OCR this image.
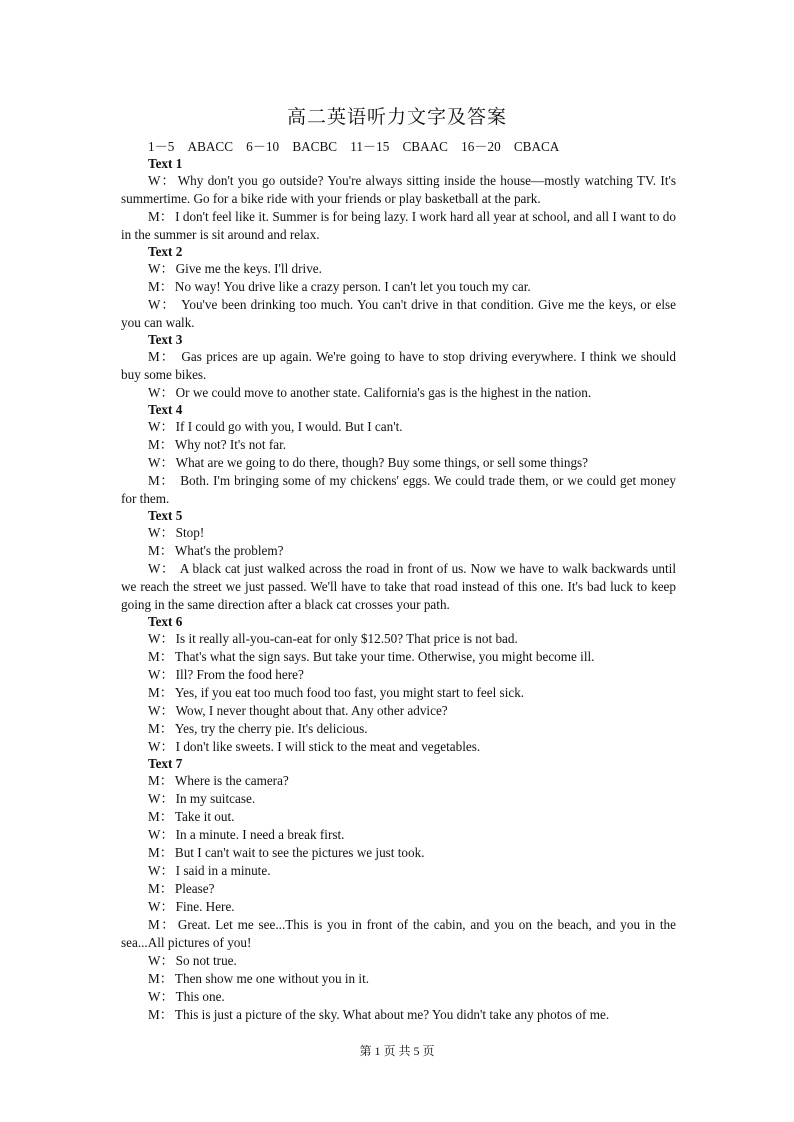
高二英语听力文字及答案

1－5　ABACC　6－10　BACBC　11－15　CBAAC　16－20　CBACA

Text 1

W： Why don't you go outside? You're always sitting inside the house—mostly watching TV. It's summertime. Go for a bike ride with your friends or play basketball at the park.

M： I don't feel like it. Summer is for being lazy. I work hard all year at school, and all I want to do in the summer is sit around and relax.

Text 2

W： Give me the keys. I'll drive.

M： No way! You drive like a crazy person. I can't let you touch my car.

W： You've been drinking too much. You can't drive in that condition. Give me the keys, or else you can walk.

Text 3

M： Gas prices are up again. We're going to have to stop driving everywhere. I think we should buy some bikes.

W： Or we could move to another state. California's gas is the highest in the nation.

Text 4

W： If I could go with you, I would. But I can't.

M： Why not? It's not far.

W： What are we going to do there, though? Buy some things, or sell some things?

M： Both. I'm bringing some of my chickens' eggs. We could trade them, or we could get money for them.

Text 5

W： Stop!

M： What's the problem?

W： A black cat just walked across the road in front of us. Now we have to walk backwards until we reach the street we just passed. We'll have to take that road instead of this one. It's bad luck to keep going in the same direction after a black cat crosses your path.

Text 6

W： Is it really all-you-can-eat for only $12.50? That price is not bad.

M： That's what the sign says. But take your time. Otherwise, you might become ill.

W： Ill? From the food here?

M： Yes, if you eat too much food too fast, you might start to feel sick.

W： Wow, I never thought about that. Any other advice?

M： Yes, try the cherry pie. It's delicious.

W： I don't like sweets. I will stick to the meat and vegetables.

Text 7

M： Where is the camera?

W： In my suitcase.

M： Take it out.

W： In a minute. I need a break first.

M： But I can't wait to see the pictures we just took.

W： I said in a minute.

M： Please?

W： Fine. Here.

M： Great. Let me see...This is you in front of the cabin, and you on the beach, and you in the sea...All pictures of you!

W： So not true.

M： Then show me one without you in it.

W： This one.

M： This is just a picture of the sky. What about me? You didn't take any photos of me.

第 1 页 共 5 页
